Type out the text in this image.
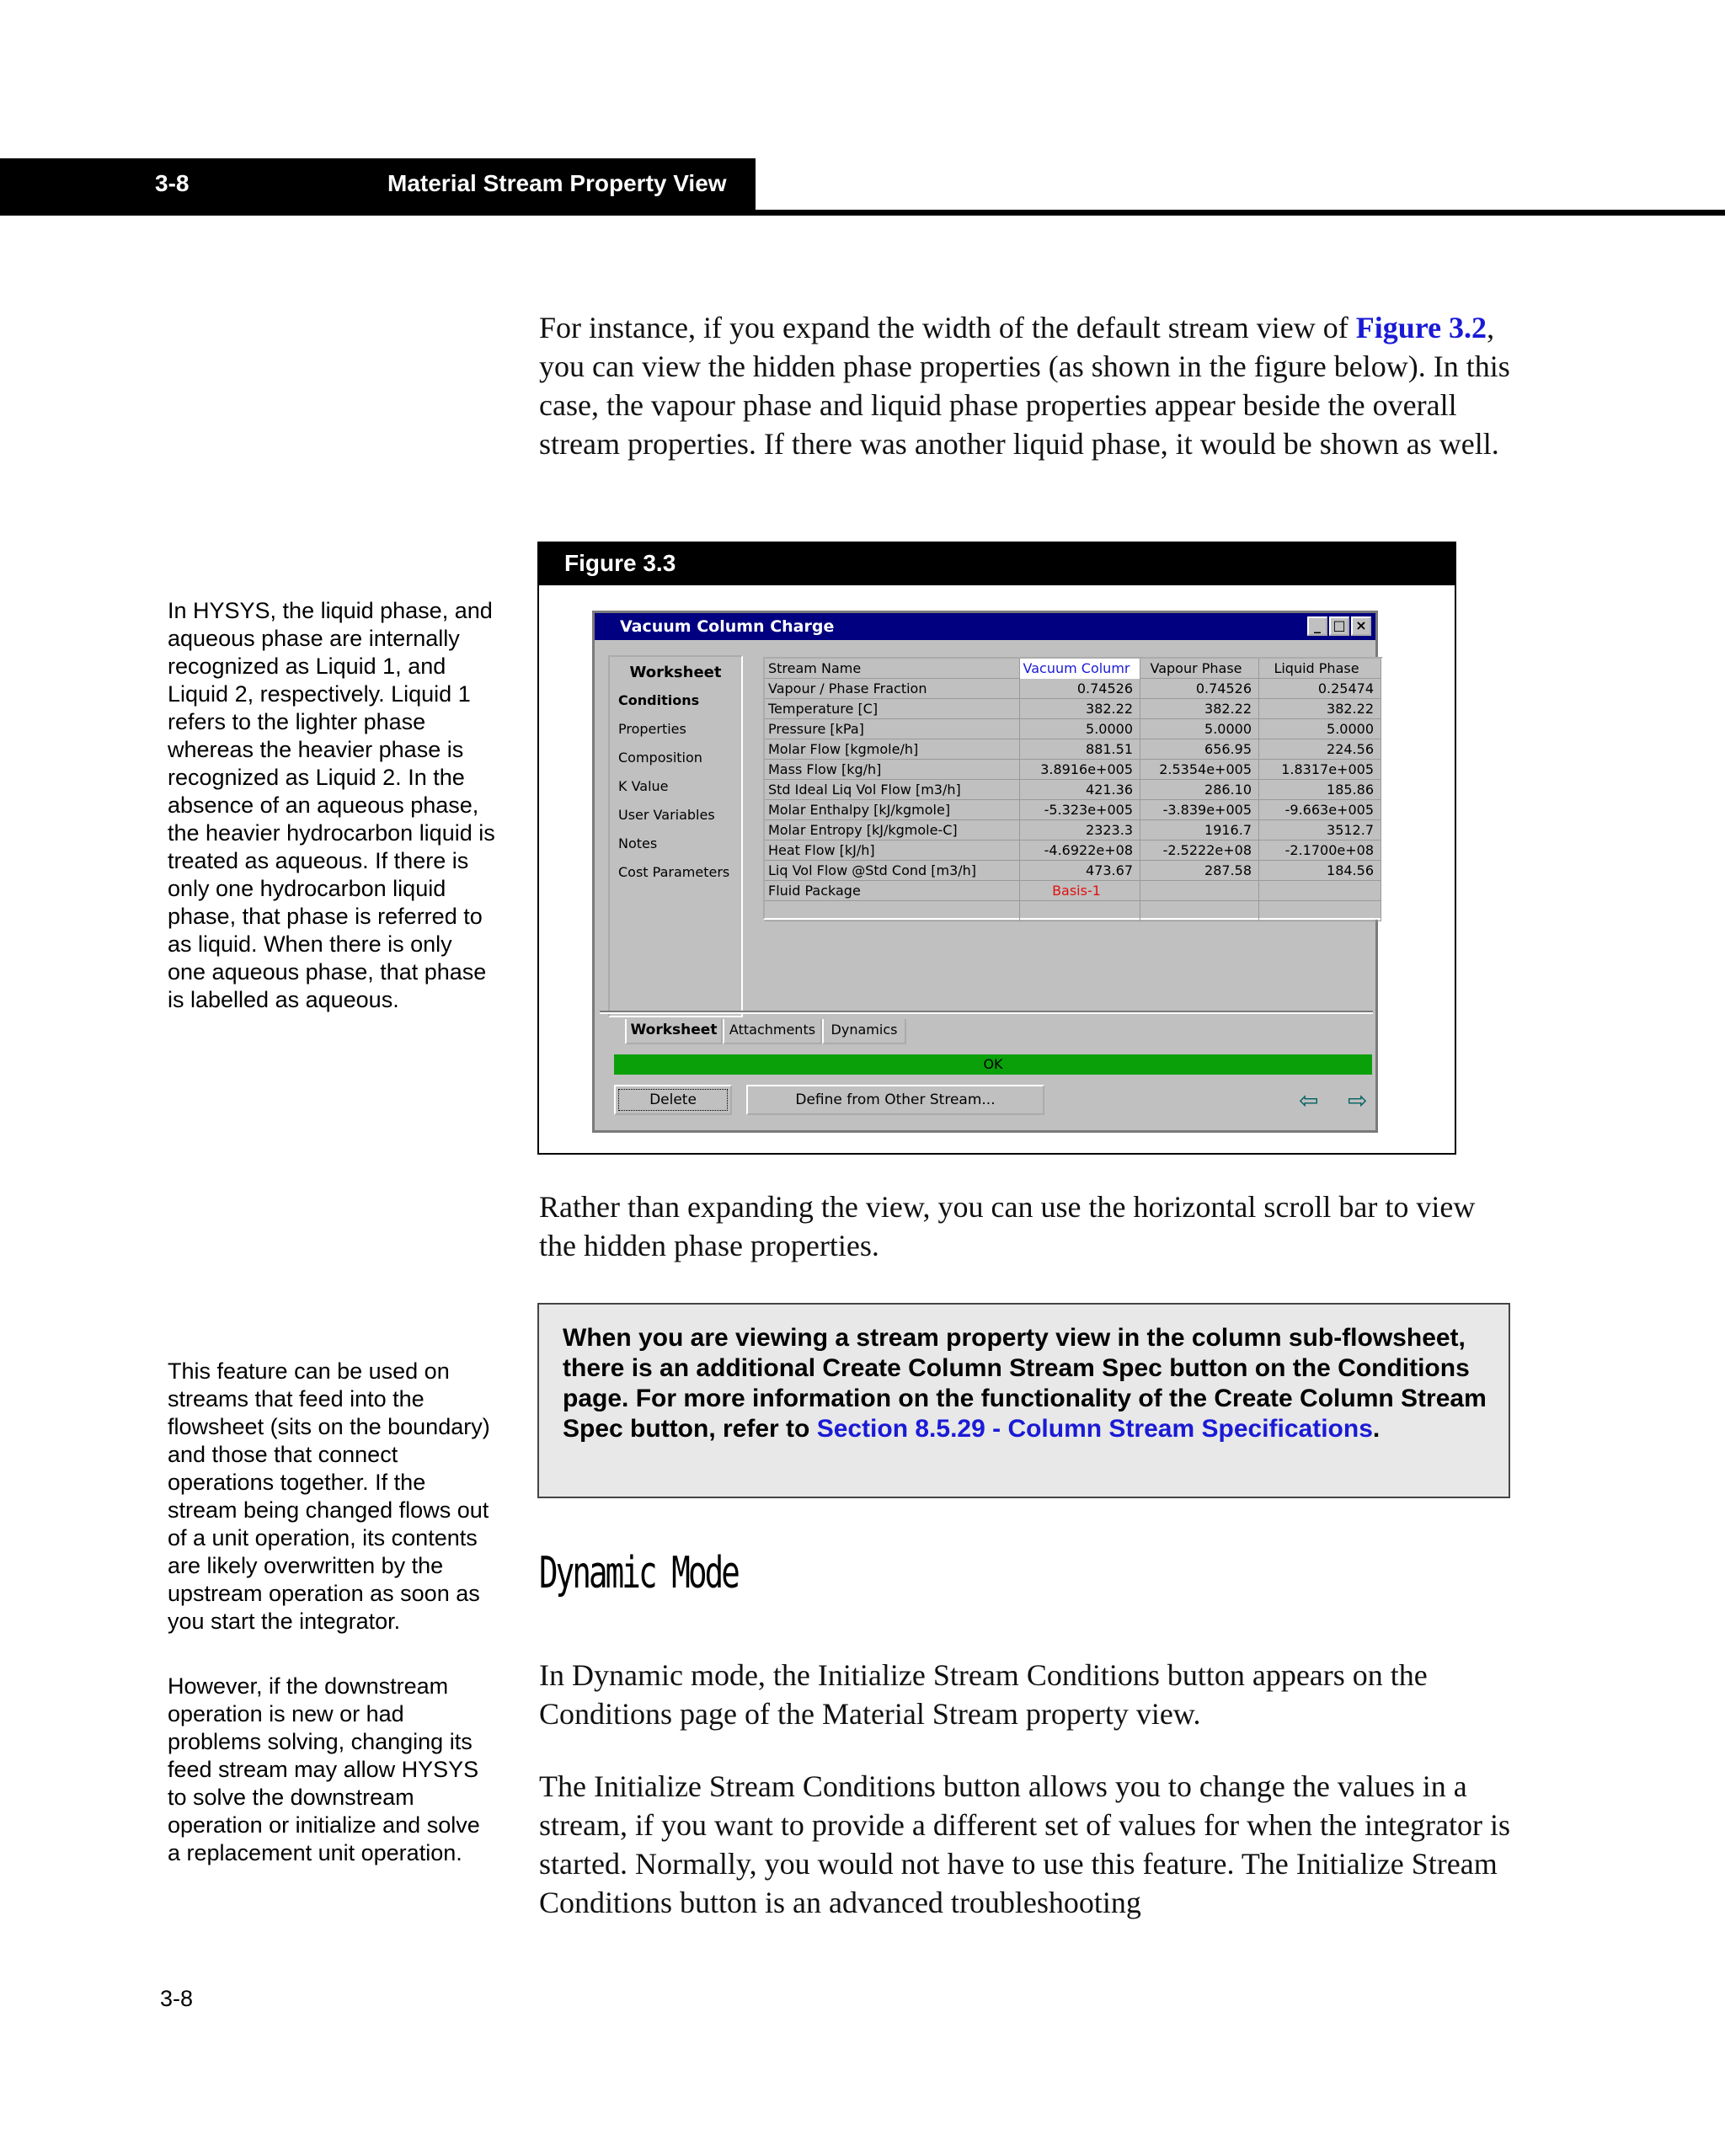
3-8	Material Stream Property View
For instance, if you expand the width of the default stream view of Figure 3.2, you can view the hidden phase properties (as shown in the figure below). In this case, the vapour phase and liquid phase properties appear beside the overall stream properties. If there was another liquid phase, it would be shown as well.
In HYSYS, the liquid phase, and aqueous phase are internally recognized as Liquid 1, and Liquid 2, respectively. Liquid 1 refers to the lighter phase whereas the heavier phase is recognized as Liquid 2. In the absence of an aqueous phase, the heavier hydrocarbon liquid is treated as aqueous. If there is only one hydrocarbon liquid phase, that phase is referred to as liquid. When there is only one aqueous phase, that phase is labelled as aqueous.
Figure 3.3
Vacuum Column Charge	_ □ ×
Worksheet
Conditions
Properties
Composition
K Value
User Variables
Notes
Cost Parameters
Stream Name	Vacuum Columr	Vapour Phase	Liquid Phase
Vapour / Phase Fraction	0.74526	0.74526	0.25474
Temperature [C]	382.22	382.22	382.22
Pressure [kPa]	5.0000	5.0000	5.0000
Molar Flow [kgmole/h]	881.51	656.95	224.56
Mass Flow [kg/h]	3.8916e+005	2.5354e+005	1.8317e+005
Std Ideal Liq Vol Flow [m3/h]	421.36	286.10	185.86
Molar Enthalpy [kJ/kgmole]	-5.323e+005	-3.839e+005	-9.663e+005
Molar Entropy [kJ/kgmole-C]	2323.3	1916.7	3512.7
Heat Flow [kJ/h]	-4.6922e+08	-2.5222e+08	-2.1700e+08
Liq Vol Flow @Std Cond [m3/h]	473.67	287.58	184.56
Fluid Package	Basis-1
Worksheet Attachments	Dynamics
OK
Delete	Define from Other Stream...	⇦ ⇨
Rather than expanding the view, you can use the horizontal scroll bar to view the hidden phase properties.
This feature can be used on streams that feed into the flowsheet (sits on the boundary) and those that connect operations together. If the stream being changed flows out of a unit operation, its contents are likely overwritten by the upstream operation as soon as you start the integrator.
However, if the downstream operation is new or had problems solving, changing its feed stream may allow HYSYS to solve the downstream operation or initialize and solve a replacement unit operation.
When you are viewing a stream property view in the column sub-flowsheet, there is an additional Create Column Stream Spec button on the Conditions page. For more information on the functionality of the Create Column Stream Spec button, refer to Section 8.5.29 - Column Stream Specifications.
Dynamic Mode
In Dynamic mode, the Initialize Stream Conditions button appears on the Conditions page of the Material Stream property view.
The Initialize Stream Conditions button allows you to change the values in a stream, if you want to provide a different set of values for when the integrator is started. Normally, you would not have to use this feature. The Initialize Stream Conditions button is an advanced troubleshooting
3-8
